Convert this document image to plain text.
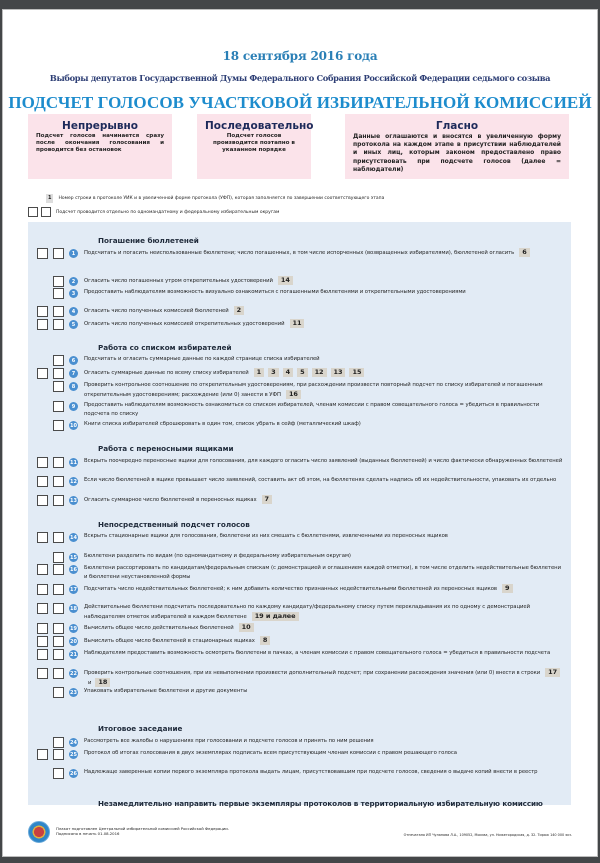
18 сентября 2016 года
Выборы депутатов Государственной Думы Федерального Собрания Российской Федерации седьмого созыва
ПОДСЧЕТ ГОЛОСОВ УЧАСТКОВОЙ ИЗБИРАТЕЛЬНОЙ КОМИССИЕЙ
Непрерывно
Подсчет голосов начинается сразу после окончания голосования и проводится без остановок
Последовательно
Подсчет голосов производится поэтапно в указанном порядке
Гласно
Данные оглашаются и вносятся в увеличенную форму протокола на каждом этапе в присутствии наблюдателей и иных лиц, которым законом предоставлено право присутствовать при подсчете голосов (далее = наблюдатели)
1	Номер строки в протоколе УИК и в увеличенной форме протокола (УФП), которая заполняется по завершении соответствующего этапа
Подсчет проводится отдельно по одномандатному и федеральному избирательным округам
Погашение бюллетеней
1	Подсчитать и погасить неиспользованные бюллетени; число погашенных, в том числе испорченных (возвращенных избирателями), бюллетеней огласить 6
2	Огласить число погашенных утром открепительных удостоверений 14
3	Предоставить наблюдателям возможность визуально ознакомиться с погашенными бюллетенями и открепительными удостоверениями
4	Огласить число полученных комиссией бюллетеней 2
5	Огласить число полученных комиссией открепительных удостоверений 11
Работа со списком избирателей
6	Подсчитать и огласить суммарные данные по каждой странице списка избирателей
7	Огласить суммарные данные по всему списку избирателей 1 3 4 5 12 13 15
8	Проверить контрольное соотношение по открепительным удостоверениям, при расхождении произвести повторный подсчет по списку избирателей и погашенным открепительным удостоверениям; расхождение (или 0) занести в УФП 16
9	Предоставить наблюдателям возможность ознакомиться со списком избирателей, членам комиссии с правом совещательного голоса = убедиться в правильности подсчета по списку
10 Книги списка избирателей сброшюровать в один том, список убрать в сейф (металлический шкаф)
Работа с переносными ящиками
11 Вскрыть поочередно переносные ящики для голосования, для каждого огласить число заявлений (выданных бюллетеней) и число фактически обнаруженных бюллетеней
12 Если число бюллетеней в ящике превышает число заявлений, составить акт об этом, на бюллетенях сделать надпись об их недействительности, упаковать их отдельно
13 Огласить суммарное число бюллетеней в переносных ящиках 7
Непосредственный подсчет голосов
14 Вскрыть стационарные ящики для голосования, бюллетени из них смешать с бюллетенями, извлеченными из переносных ящиков
15 Бюллетени разделить по видам (по одномандатному и федеральному избирательным округам)
16 Бюллетени рассортировать по кандидатам/федеральным спискам (с демонстрацией и оглашением каждой отметки), в том числе отделить недействительные бюллетени и бюллетени неустановленной формы
17 Подсчитать число недействительных бюллетеней; к ним добавить количество признанных недействительными бюллетеней из переносных ящиков 9
18 Действительные бюллетени подсчитать последовательно по каждому кандидату/федеральному списку путем перекладывания их по одному с демонстрацией наблюдателям отметок избирателей в каждом бюллетене 19 и далее
19 Вычислить общее число действительных бюллетеней 10
20 Вычислить общее число бюллетеней в стационарных ящиках 8
21 Наблюдателям предоставить возможность осмотреть бюллетени в пачках, а членам комиссии с правом совещательного голоса = убедиться в правильности подсчета
22 Проверить контрольные соотношения, при их невыполнении произвести дополнительный подсчет; при сохранении расхождения значения (или 0) внести в строки 17и 18
23 Упаковать избирательные бюллетени и другие документы
Итоговое заседание
24 Рассмотреть все жалобы о нарушениях при голосовании и подсчете голосов и принять по ним решения
25 Протокол об итогах голосования в двух экземплярах подписать всем присутствующим членам комиссии с правом решающего голоса
26 Надлежаще заверенные копии первого экземпляра протокола выдать лицам, присутствовавшим при подсчете голосов, сведения о выдаче копий внести в реестр
Незамедлительно направить первые экземпляры протоколов в территориальную избирательную комиссию
Плакат подготовлен Центральной избирательной комиссией Российской Федерации.
Подписано в печать 01.08.2016	Отпечатано ИП Чуланова Л.А., 109052, Москва, ул. Нижегородская, д. 32. Тираж 140 000 экз.
